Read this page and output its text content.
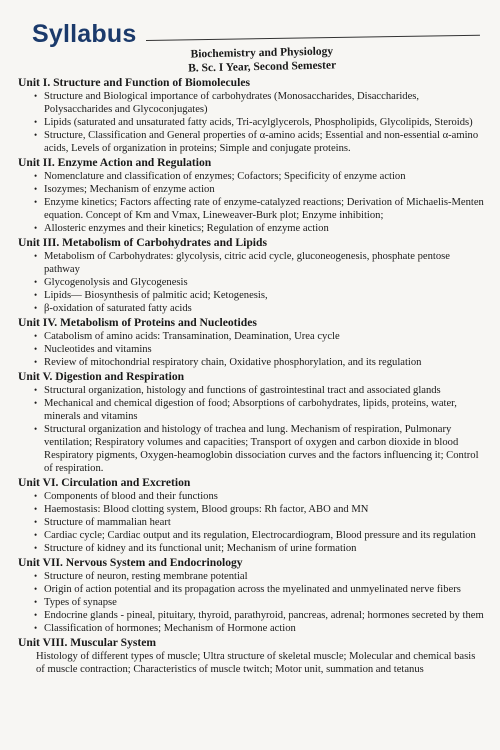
Syllabus
Biochemistry and Physiology
B. Sc. I Year, Second Semester
Unit I. Structure and Function of Biomolecules
• Structure and Biological importance of carbohydrates (Monosaccharides, Disaccharides, Polysaccharides and Glycoconjugates)
• Lipids (saturated and unsaturated fatty acids, Tri-acylglycerols, Phospholipids, Glycolipids, Steroids)
• Structure, Classification and General properties of α-amino acids; Essential and non-essential α-amino acids, Levels of organization in proteins; Simple and conjugate proteins.
Unit II. Enzyme Action and Regulation
• Nomenclature and classification of enzymes; Cofactors; Specificity of enzyme action
• Isozymes; Mechanism of enzyme action
• Enzyme kinetics; Factors affecting rate of enzyme-catalyzed reactions; Derivation of Michaelis-Menten equation. Concept of Km and Vmax, Lineweaver-Burk plot; Enzyme inhibition;
• Allosteric enzymes and their kinetics; Regulation of enzyme action
Unit III. Metabolism of Carbohydrates and Lipids
• Metabolism of Carbohydrates: glycolysis, citric acid cycle, gluconeogenesis, phosphate pentose pathway
• Glycogenolysis and Glycogenesis
• Lipids— Biosynthesis of palmitic acid; Ketogenesis,
• β-oxidation of saturated fatty acids
Unit IV. Metabolism of Proteins and Nucleotides
• Catabolism of amino acids: Transamination, Deamination, Urea cycle
• Nucleotides and vitamins
• Review of mitochondrial respiratory chain, Oxidative phosphorylation, and its regulation
Unit V. Digestion and Respiration
• Structural organization, histology and functions of gastrointestinal tract and associated glands
• Mechanical and chemical digestion of food; Absorptions of carbohydrates, lipids, proteins, water, minerals and vitamins
• Structural organization and histology of trachea and lung. Mechanism of respiration, Pulmonary ventilation; Respiratory volumes and capacities; Transport of oxygen and carbon dioxide in blood Respiratory pigments, Oxygen-heamoglobin dissociation curves and the factors influencing it; Control of respiration.
Unit VI. Circulation and Excretion
• Components of blood and their functions
• Haemostasis: Blood clotting system, Blood groups: Rh factor, ABO and MN
• Structure of mammalian heart
• Cardiac cycle; Cardiac output and its regulation, Electrocardiogram, Blood pressure and its regulation
• Structure of kidney and its functional unit; Mechanism of urine formation
Unit VII. Nervous System and Endocrinology
• Structure of neuron, resting membrane potential
• Origin of action potential and its propagation across the myelinated and unmyelinated nerve fibers
• Types of synapse
• Endocrine glands - pineal, pituitary, thyroid, parathyroid, pancreas, adrenal; hormones secreted by them
• Classification of hormones; Mechanism of Hormone action
Unit VIII. Muscular System

Histology of different types of muscle; Ultra structure of skeletal muscle; Molecular and chemical basis of muscle contraction; Characteristics of muscle twitch; Motor unit, summation and tetanus
